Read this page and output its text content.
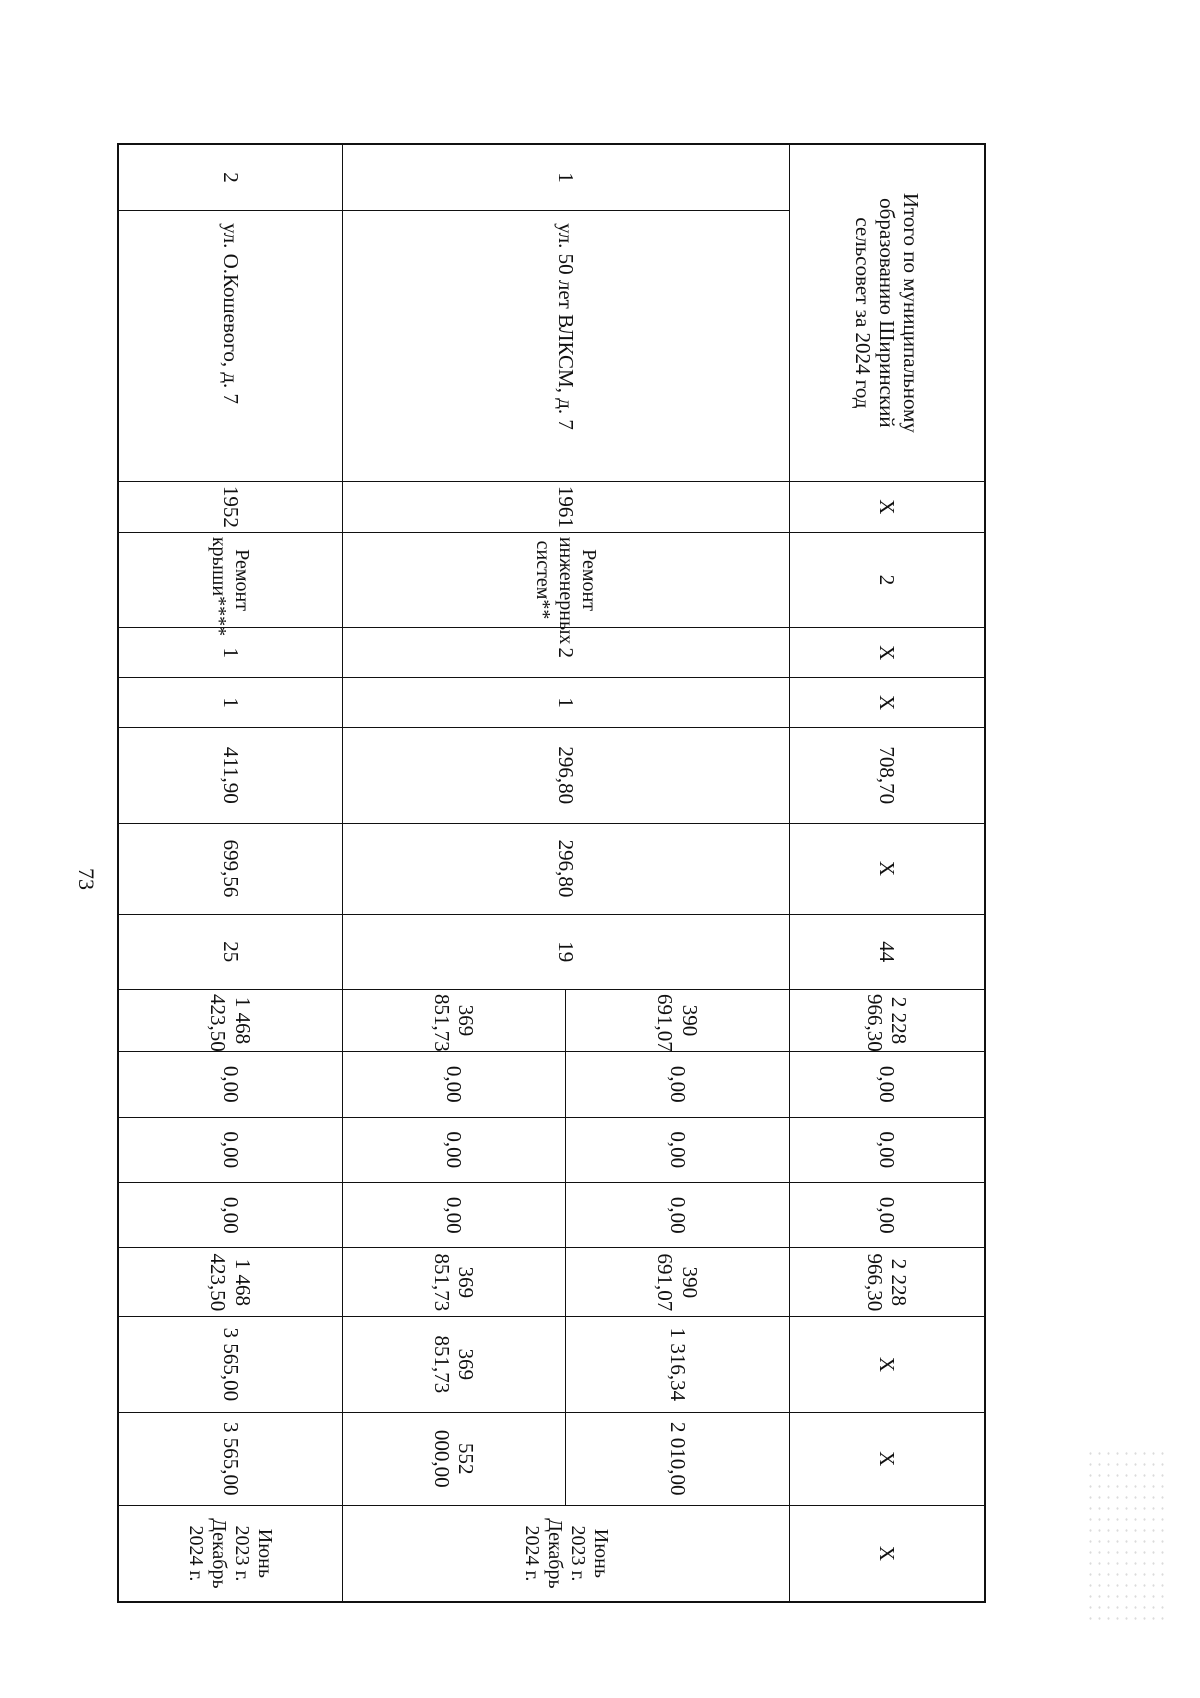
73
Итого по муниципальному образованию Ширинский сельсовет за 2024 год		X	2	X	X	708,70	X	44	2 228 966,30	0,00	0,00	0,00	2 228 966,30	X	X	X
1	ул. 50 лет ВЛКСМ, д. 7	1961	Ремонт инженерных систем**	2	1	296,80	296,80	19	390 691,07	0,00	0,00	0,00	390 691,07	1 316,34	2 010,00	Июнь 2023 г. Декабрь 2024 г.
									369 851,73	0,00	0,00	0,00	369 851,73	369 851,73	552 000,00	
2	ул. О.Кошевого, д. 7	1952	Ремонт крыши****	1	1	411,90	699,56	25	1 468 423,50	0,00	0,00	0,00	1 468 423,50	3 565,00	3 565,00	Июнь 2023 г. Декабрь 2024 г.
